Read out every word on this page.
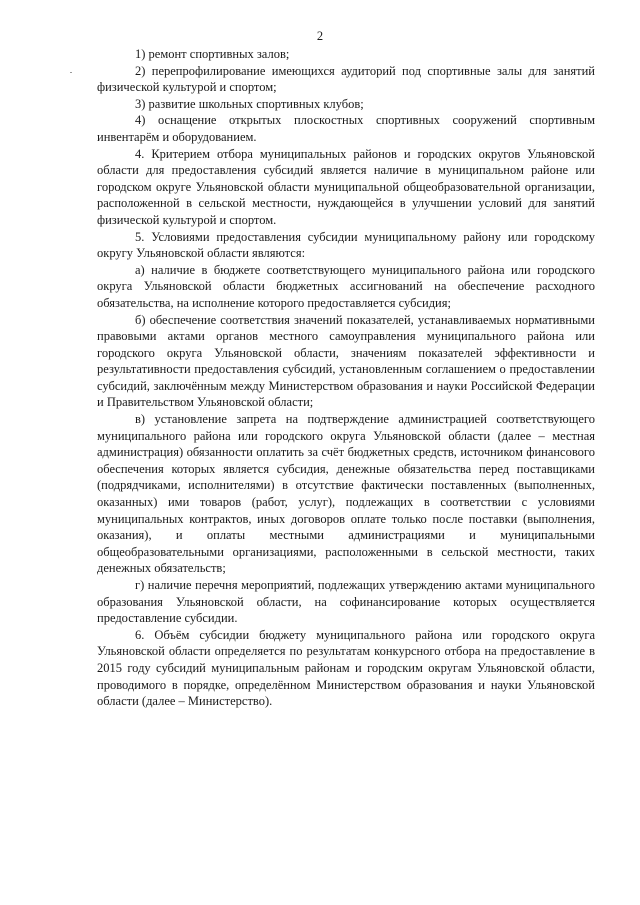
2

1) ремонт спортивных залов;

2) перепрофилирование имеющихся аудиторий под спортивные залы для занятий физической культурой и спортом;

3) развитие школьных спортивных клубов;

4) оснащение открытых плоскостных спортивных сооружений спортивным инвентарём и оборудованием.

4. Критерием отбора муниципальных районов и городских округов Ульяновской области для предоставления субсидий является наличие в муниципальном районе или городском округе Ульяновской области муниципальной общеобразовательной организации, расположенной в сельской местности, нуждающейся в улучшении условий для занятий физической культурой и спортом.

5. Условиями предоставления субсидии муниципальному району или городскому округу Ульяновской области являются:

а) наличие в бюджете соответствующего муниципального района или городского округа Ульяновской области бюджетных ассигнований на обеспечение расходного обязательства, на исполнение которого предоставляется субсидия;

б) обеспечение соответствия значений показателей, устанавливаемых нормативными правовыми актами органов местного самоуправления муниципального района или городского округа Ульяновской области, значениям показателей эффективности и результативности предоставления субсидий, установленным соглашением о предоставлении субсидий, заключённым между Министерством образования и науки Российской Федерации и Правительством Ульяновской области;

в) установление запрета на подтверждение администрацией соответствующего муниципального района или городского округа Ульяновской области (далее – местная администрация) обязанности оплатить за счёт бюджетных средств, источником финансового обеспечения которых является субсидия, денежные обязательства перед поставщиками (подрядчиками, исполнителями) в отсутствие фактически поставленных (выполненных, оказанных) ими товаров (работ, услуг), подлежащих в соответствии с условиями муниципальных контрактов, иных договоров оплате только после поставки (выполнения, оказания), и оплаты местными администрациями и муниципальными общеобразовательными организациями, расположенными в сельской местности, таких денежных обязательств;

г) наличие перечня мероприятий, подлежащих утверждению актами муниципального образования Ульяновской области, на софинансирование которых осуществляется предоставление субсидии.

6. Объём субсидии бюджету муниципального района или городского округа Ульяновской области определяется по результатам конкурсного отбора на предоставление в 2015 году субсидий муниципальным районам и городским округам Ульяновской области, проводимого в порядке, определённом Министерством образования и науки Ульяновской области (далее – Министерство).
